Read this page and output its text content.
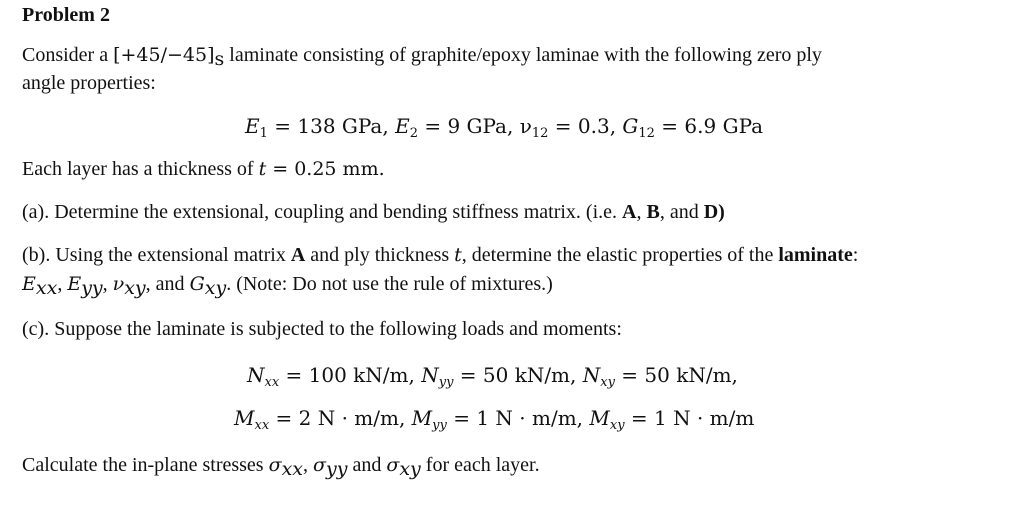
Problem 2
Consider a $[+45/-45]_s$ laminate consisting of graphite/epoxy laminae with the following zero ply
angle properties:
$E_1 = 138$ GPa, $E_2 = 9$ GPa, $\nu_{12} = 0.3$, $G_{12} = 6.9$ GPa
Each layer has a thickness of t = 0.25 mm.
(a). Determine the extensional, coupling and bending stiffness matrix. (i.e. A, B, and D)
(b). Using the extensional matrix A and ply thickness t, determine the elastic properties of the laminate:
$E_{xx}$, $E_{yy}$, $\nu_{xy}$, and $G_{xy}$. (Note: Do not use the rule of mixtures.)
(c). Suppose the laminate is subjected to the following loads and moments:
$N_{xx} = 100$ kN/m, $N_{yy} = 50$ kN/m, $N_{xy} = 50$ kN/m,
$M_{xx} = 2$ N · m/m, $M_{yy} = 1$ N · m/m, $M_{xy} = 1$ N · m/m
Calculate the in-plane stresses $\sigma_{xx}$, $\sigma_{yy}$ and $\sigma_{xy}$ for each layer.
